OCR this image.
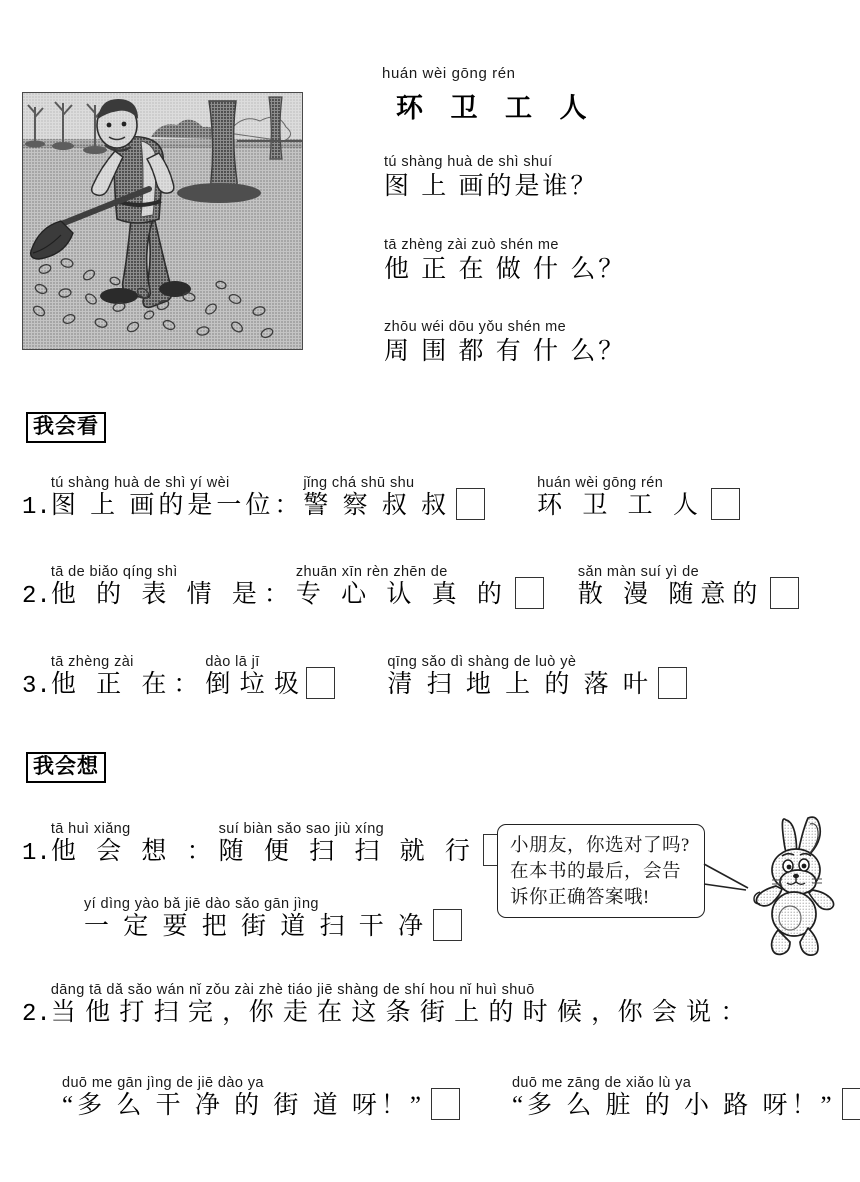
huán wèi gōng rén
环 卫 工 人
tú shàng huà de shì shuí
图 上 画的是谁？
tā zhèng zài zuò shén me
他 正 在 做 什 么？
zhōu wéi dōu yǒu shén me
周 围 都 有 什 么？
我会看
1.
tú shàng huà de shì yí wèi
图 上 画的是一位：
jǐng chá shū shu
警 察 叔 叔
huán wèi gōng rén
环 卫 工 人
2.
tā de biǎo qíng shì
他 的 表 情 是：
zhuān xīn rèn zhēn de
专 心 认 真 的
sǎn màn suí yì de
散 漫 随意的
3.
tā zhèng zài
他 正 在：
dào lā jī
倒 垃 圾
qīng sǎo dì shàng de luò yè
清 扫 地 上 的 落 叶
我会想
1.
tā huì xiǎng
他 会 想 ：
suí biàn sǎo sao jiù xíng
随 便 扫 扫 就 行
yí dìng yào bǎ jiē dào sǎo gān jìng
一 定 要 把 街 道 扫 干 净
2.
dāng tā dǎ sǎo wán nǐ zǒu zài zhè tiáo jiē shàng de shí hou nǐ huì shuō
当 他 打 扫 完 ，你 走 在 这 条 街 上 的 时 候 ，你 会 说 ：
duō me gān jìng de jiē dào ya
“多 么 干 净 的 街 道 呀！”
duō me zāng de xiǎo lù ya
“多 么 脏 的 小 路 呀！”
小朋友，你选对了吗?
在本书的最后，会告
诉你正确答案哦!
